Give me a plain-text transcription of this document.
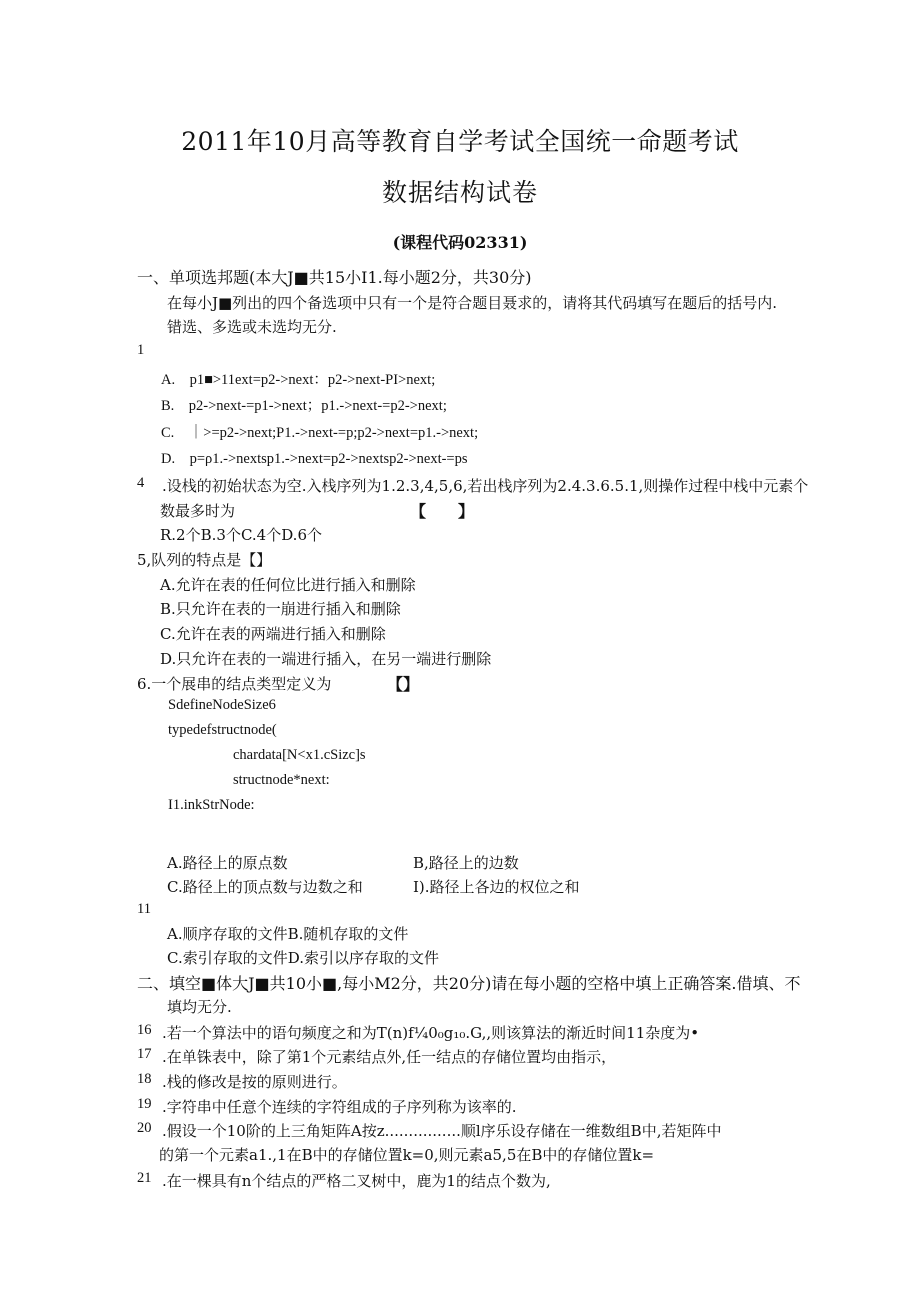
2011年10月高等教育自学考试全国统一命题考试
数据结构试卷
(课程代码02331)
一、单项选邦题(本大J■共15小I1.每小题2分，共30分)
在每小J■列出的四个备选项中只有一个是符合题目聂求的，请将其代码填写在题后的括号内.
错选、多选或未选均无分.
1
A.　p1■>11ext=p2->next：p2->next-PI>next;
B.　p2->next-=p1->next；p1.->next-=p2->next;
C.　｜>=p2->next;P1.->next-=p;p2->next=p1.->next;
D.　p=ρ1.->nextsp1.->next=p2->nextsp2->next-=ps
4 .设栈的初始状态为空.入栈序列为1.2.3,4,5,6,若出栈序列为2.4.3.6.5.1,则操作过程中栈中元素个
数最多时为	【　　】
R.2个B.3个C.4个D.6个
5,队列的特点是【】
A.允许在表的任何位比进行插入和删除
B.只允许在表的一崩进行插入和删除
C.允许在表的两端进行插入和删除
D.只允许在表的一端进行插入，在另一端进行删除
6.一个展串的结点类型定义为	【】
SdefineNodeSize6
typedefstructnode(
chardata[N<x1.cSizc]s
structnode*next:
I1.inkStrNode:
A.路径上的原点数	B,路径上的边数
C.路径上的顶点数与边数之和	I).路径上各边的权位之和
11
A.顺序存取的文件B.随机存取的文件
C.索引存取的文件D.索引以序存取的文件
二、填空■体大J■共10小■,每小M2分，共20分)请在每小题的空格中填上正确答案.借填、不
填均无分.
16 .若一个算法中的语句频度之和为T(n)f¼0₀g₁₀.G,,则该算法的渐近时间11杂度为•
17 .在单铢表中，除了第1个元素结点外,任一结点的存储位置均由指示，
18 .栈的修改是按的原则进行。
19 .字符串中任意个连续的字符组成的子序列称为该率的.
20 .假设一个10阶的上三角矩阵A按z................顺l序乐设存储在一维数组B中,若矩阵中
的第一个元素a1.,1在B中的存储位置k=0,则元素a5,5在B中的存储位置k=
21 .在一棵具有n个结点的严格二叉树中，鹿为1的结点个数为,
